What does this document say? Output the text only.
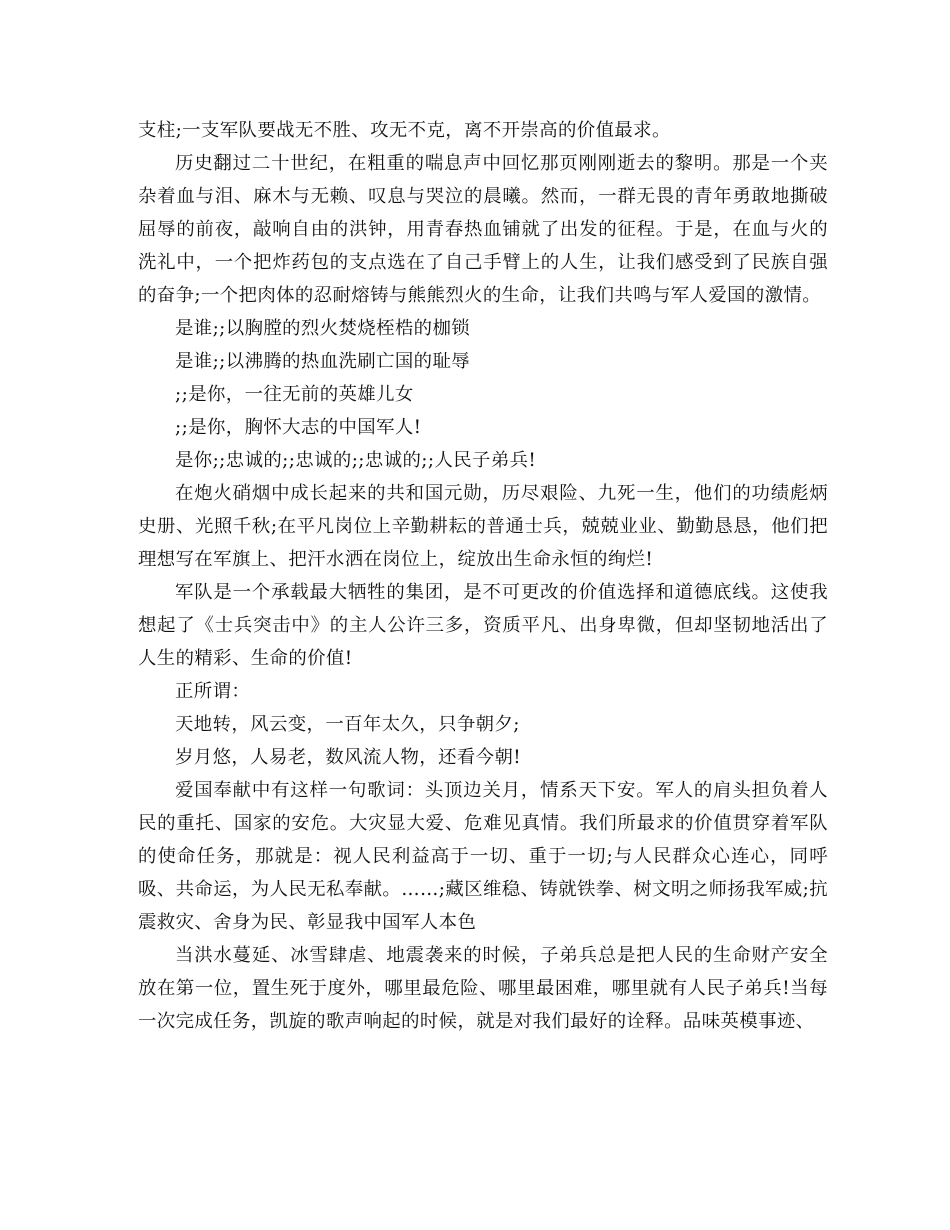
支柱;一支军队要战无不胜、攻无不克，离不开崇高的价值最求。

历史翻过二十世纪，在粗重的喘息声中回忆那页刚刚逝去的黎明。那是一个夹杂着血与泪、麻木与无赖、叹息与哭泣的晨曦。然而，一群无畏的青年勇敢地撕破屈辱的前夜，敲响自由的洪钟，用青春热血铺就了出发的征程。于是，在血与火的洗礼中，一个把炸药包的支点选在了自己手臂上的人生，让我们感受到了民族自强的奋争;一个把肉体的忍耐熔铸与熊熊烈火的生命，让我们共鸣与军人爱国的激情。

是谁;;以胸膛的烈火焚烧桎梏的枷锁

是谁;;以沸腾的热血洗刷亡国的耻辱

;;是你，一往无前的英雄儿女

;;是你，胸怀大志的中国军人!

是你;;忠诚的;;忠诚的;;忠诚的;;人民子弟兵!

在炮火硝烟中成长起来的共和国元勋，历尽艰险、九死一生，他们的功绩彪炳史册、光照千秋;在平凡岗位上辛勤耕耘的普通士兵，兢兢业业、勤勤恳恳，他们把理想写在军旗上、把汗水洒在岗位上，绽放出生命永恒的绚烂!

军队是一个承载最大牺牲的集团，是不可更改的价值选择和道德底线。这使我想起了《士兵突击中》的主人公许三多，资质平凡、出身卑微，但却坚韧地活出了人生的精彩、生命的价值!

正所谓：

天地转，风云变，一百年太久，只争朝夕;

岁月悠，人易老，数风流人物，还看今朝!

爱国奉献中有这样一句歌词：头顶边关月，情系天下安。军人的肩头担负着人民的重托、国家的安危。大灾显大爱、危难见真情。我们所最求的价值贯穿着军队的使命任务，那就是：视人民利益高于一切、重于一切;与人民群众心连心，同呼吸、共命运，为人民无私奉献。……;藏区维稳、铸就铁拳、树文明之师扬我军威;抗震救灾、舍身为民、彰显我中国军人本色

当洪水蔓延、冰雪肆虐、地震袭来的时候，子弟兵总是把人民的生命财产安全放在第一位，置生死于度外，哪里最危险、哪里最困难，哪里就有人民子弟兵!当每一次完成任务，凯旋的歌声响起的时候，就是对我们最好的诠释。品味英模事迹、
